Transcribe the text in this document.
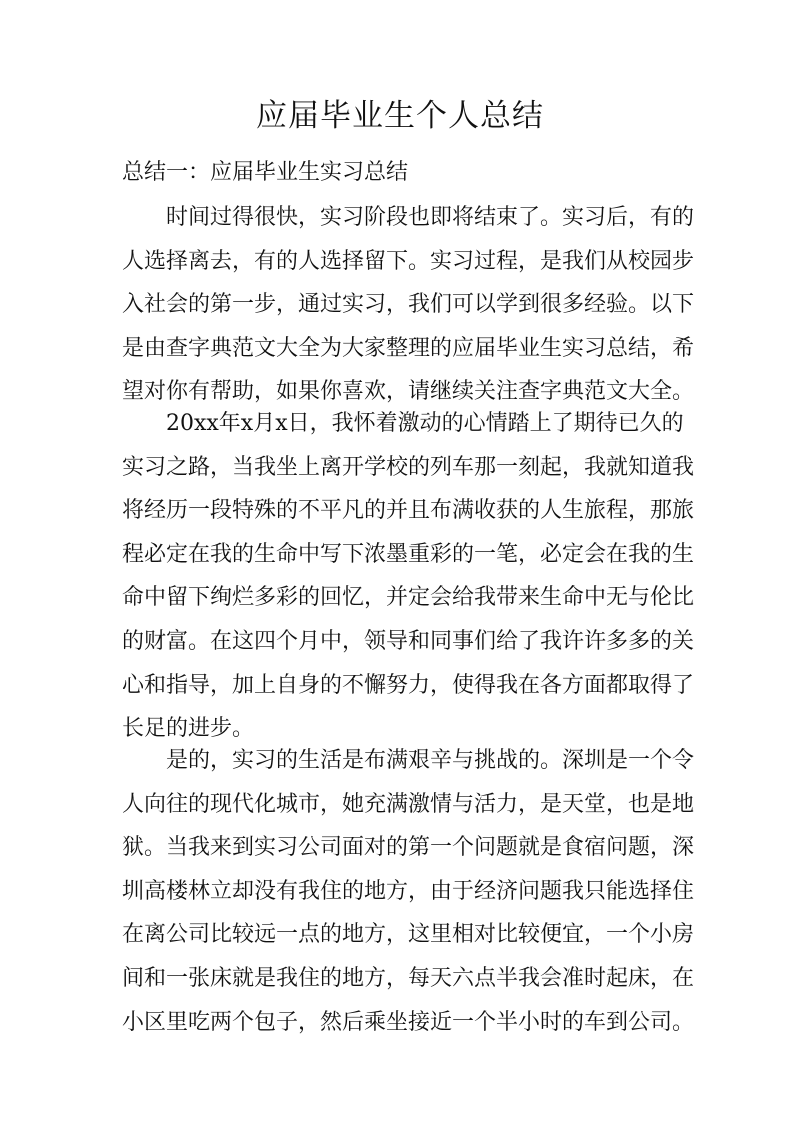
应届毕业生个人总结

总结一：应届毕业生实习总结

时间过得很快，实习阶段也即将结束了。实习后，有的
人选择离去，有的人选择留下。实习过程，是我们从校园步
入社会的第一步，通过实习，我们可以学到很多经验。以下
是由查字典范文大全为大家整理的应届毕业生实习总结，希
望对你有帮助，如果你喜欢，请继续关注查字典范文大全。
20xx年x月x日，我怀着激动的心情踏上了期待已久的
实习之路，当我坐上离开学校的列车那一刻起，我就知道我
将经历一段特殊的不平凡的并且布满收获的人生旅程，那旅
程必定在我的生命中写下浓墨重彩的一笔，必定会在我的生
命中留下绚烂多彩的回忆，并定会给我带来生命中无与伦比
的财富。在这四个月中，领导和同事们给了我许许多多的关
心和指导，加上自身的不懈努力，使得我在各方面都取得了
长足的进步。
是的，实习的生活是布满艰辛与挑战的。深圳是一个令
人向往的现代化城市，她充满激情与活力，是天堂，也是地
狱。当我来到实习公司面对的第一个问题就是食宿问题，深
圳高楼林立却没有我住的地方，由于经济问题我只能选择住
在离公司比较远一点的地方，这里相对比较便宜，一个小房
间和一张床就是我住的地方，每天六点半我会准时起床，在
小区里吃两个包子，然后乘坐接近一个半小时的车到公司。
